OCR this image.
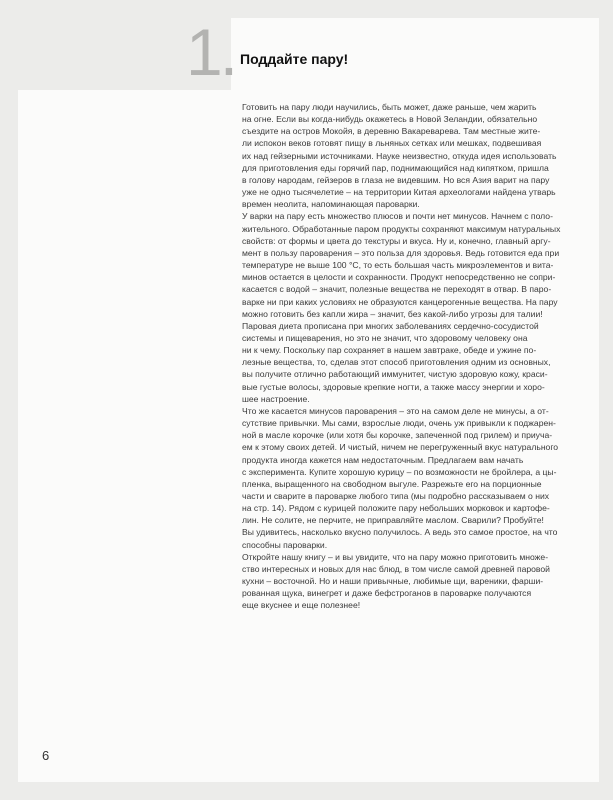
1. Поддайте пару!
Готовить на пару люди научились, быть может, даже раньше, чем жарить
на огне. Если вы когда-нибудь окажетесь в Новой Зеландии, обязательно
съездите на остров Мокойя, в деревню Вакареварева. Там местные жите-
ли испокон веков готовят пищу в льняных сетках или мешках, подвешивая
их над гейзерными источниками. Науке неизвестно, откуда идея использовать
для приготовления еды горячий пар, поднимающийся над кипятком, пришла
в голову народам, гейзеров в глаза не видевшим. Но вся Азия варит на пару
уже не одно тысячелетие – на территории Китая археологами найдена утварь
времен неолита, напоминающая пароварки.
У варки на пару есть множество плюсов и почти нет минусов. Начнем с поло-
жительного. Обработанные паром продукты сохраняют максимум натуральных
свойств: от формы и цвета до текстуры и вкуса. Ну и, конечно, главный аргу-
мент в пользу пароварения – это польза для здоровья. Ведь готовится еда при
температуре не выше 100 °С, то есть большая часть микроэлементов и вита-
минов остается в целости и сохранности. Продукт непосредственно не сопри-
касается с водой – значит, полезные вещества не переходят в отвар. В паро-
варке ни при каких условиях не образуются канцерогенные вещества. На пару
можно готовить без капли жира – значит, без какой-либо угрозы для талии!
Паровая диета прописана при многих заболеваниях сердечно-сосудистой
системы и пищеварения, но это не значит, что здоровому человеку она
ни к чему. Поскольку пар сохраняет в нашем завтраке, обеде и ужине по-
лезные вещества, то, сделав этот способ приготовления одним из основных,
вы получите отлично работающий иммунитет, чистую здоровую кожу, краси-
вые густые волосы, здоровые крепкие ногти, а также массу энергии и хоро-
шее настроение.
Что же касается минусов пароварения – это на самом деле не минусы, а от-
сутствие привычки. Мы сами, взрослые люди, очень уж привыкли к поджарен-
ной в масле корочке (или хотя бы корочке, запеченной под грилем) и приуча-
ем к этому своих детей. И чистый, ничем не перегруженный вкус натурального
продукта иногда кажется нам недостаточным. Предлагаем вам начать
с эксперимента. Купите хорошую курицу – по возможности не бройлера, а цы-
пленка, выращенного на свободном выгуле. Разрежьте его на порционные
части и сварите в пароварке любого типа (мы подробно рассказываем о них
на стр. 14). Рядом с курицей положите пару небольших морковок и картофе-
лин. Не солите, не перчите, не приправляйте маслом. Сварили? Пробуйте!
Вы удивитесь, насколько вкусно получилось. А ведь это самое простое, на что
способны пароварки.
Откройте нашу книгу – и вы увидите, что на пару можно приготовить множе-
ство интересных и новых для нас блюд, в том числе самой древней паровой
кухни – восточной. Но и наши привычные, любимые щи, вареники, фарши-
рованная щука, винегрет и даже бефстроганов в пароварке получаются
еще вкуснее и еще полезнее!
6
